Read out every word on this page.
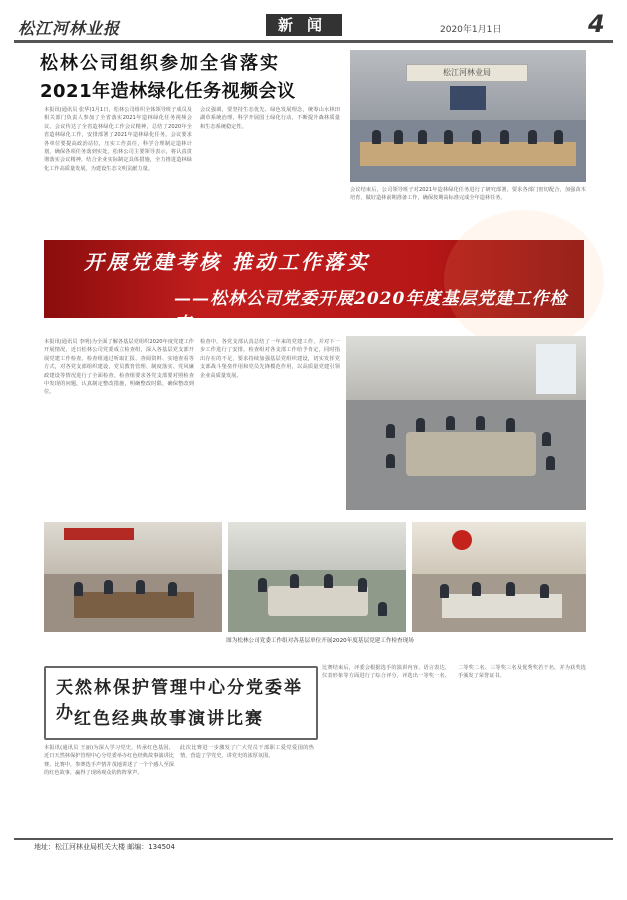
松江河林业报	新闻	2020年1月1日	4
松林公司组织参加全省落实
2021年造林绿化任务视频会议
松江河林业局
本报讯(通讯员 张华)1月1日，松林公司组织全体领导班子成员及相关部门负责人参加了全省落实2021年造林绿化任务视频会议。会议传达了全省造林绿化工作会议精神，总结了2020年全省造林绿化工作，安排部署了2021年造林绿化任务。会议要求各单位要提高政治站位，压实工作责任，科学合理制定造林计划，确保各项任务落到实处。松林公司主要领导表示，将认真贯彻落实会议精神，结合企业实际制定具体措施，全力推进造林绿化工作高质量发展，为建设生态文明贡献力量。
会议强调，要坚持生态优先、绿色发展理念，统筹山水林田湖草系统治理，科学开展国土绿化行动，不断提升森林质量和生态系统稳定性。
会议结束后，公司领导班子对2021年造林绿化任务进行了研究部署，要求各部门密切配合，加强苗木培育，做好造林前期准备工作，确保按期高标准完成全年造林任务。
开展党建考核 推动工作落实
——松林公司党委开展2020年度基层党建工作检查
本报讯(通讯员 李明)为全面了解各基层党组织2020年度党建工作开展情况，近日松林公司党委成立检查组，深入各基层党支部开展党建工作检查。检查组通过听取汇报、查阅资料、实地查看等方式，对各党支部组织建设、党员教育管理、制度落实、党风廉政建设等情况进行了全面检查。检查组要求各党支部要对照检查中发现的问题，认真制定整改措施，明确整改时限，确保整改到位。
检查中，各党支部认真总结了一年来的党建工作，并对下一步工作进行了安排。检查组对各支部工作给予肯定，同时指出存在的不足，要求持续加强基层党组织建设，切实发挥党支部战斗堡垒作用和党员先锋模范作用，以高质量党建引领企业高质量发展。
图为松林公司党委工作组对各基层单位开展2020年度基层党建工作检查现场
天然林保护管理中心分党委举办 红色经典故事演讲比赛
本报讯(通讯员 王丽)为深入学习党史，传承红色基因，近日天然林保护管理中心分党委举办红色经典故事演讲比赛。比赛中，参赛选手声情并茂地讲述了一个个感人至深的红色故事，赢得了现场观众的阵阵掌声。
此次比赛进一步激发了广大党员干部职工爱党爱国的热情，营造了学党史、讲党史的浓厚氛围。
比赛结束后，评委会根据选手的演讲内容、语言表达、仪表形象等方面进行了综合评分，评选出一等奖一名、二等奖二名、三等奖三名及优秀奖若干名，并为获奖选手颁发了荣誉证书。
地址：松江河林业局机关大楼 邮编：134504
